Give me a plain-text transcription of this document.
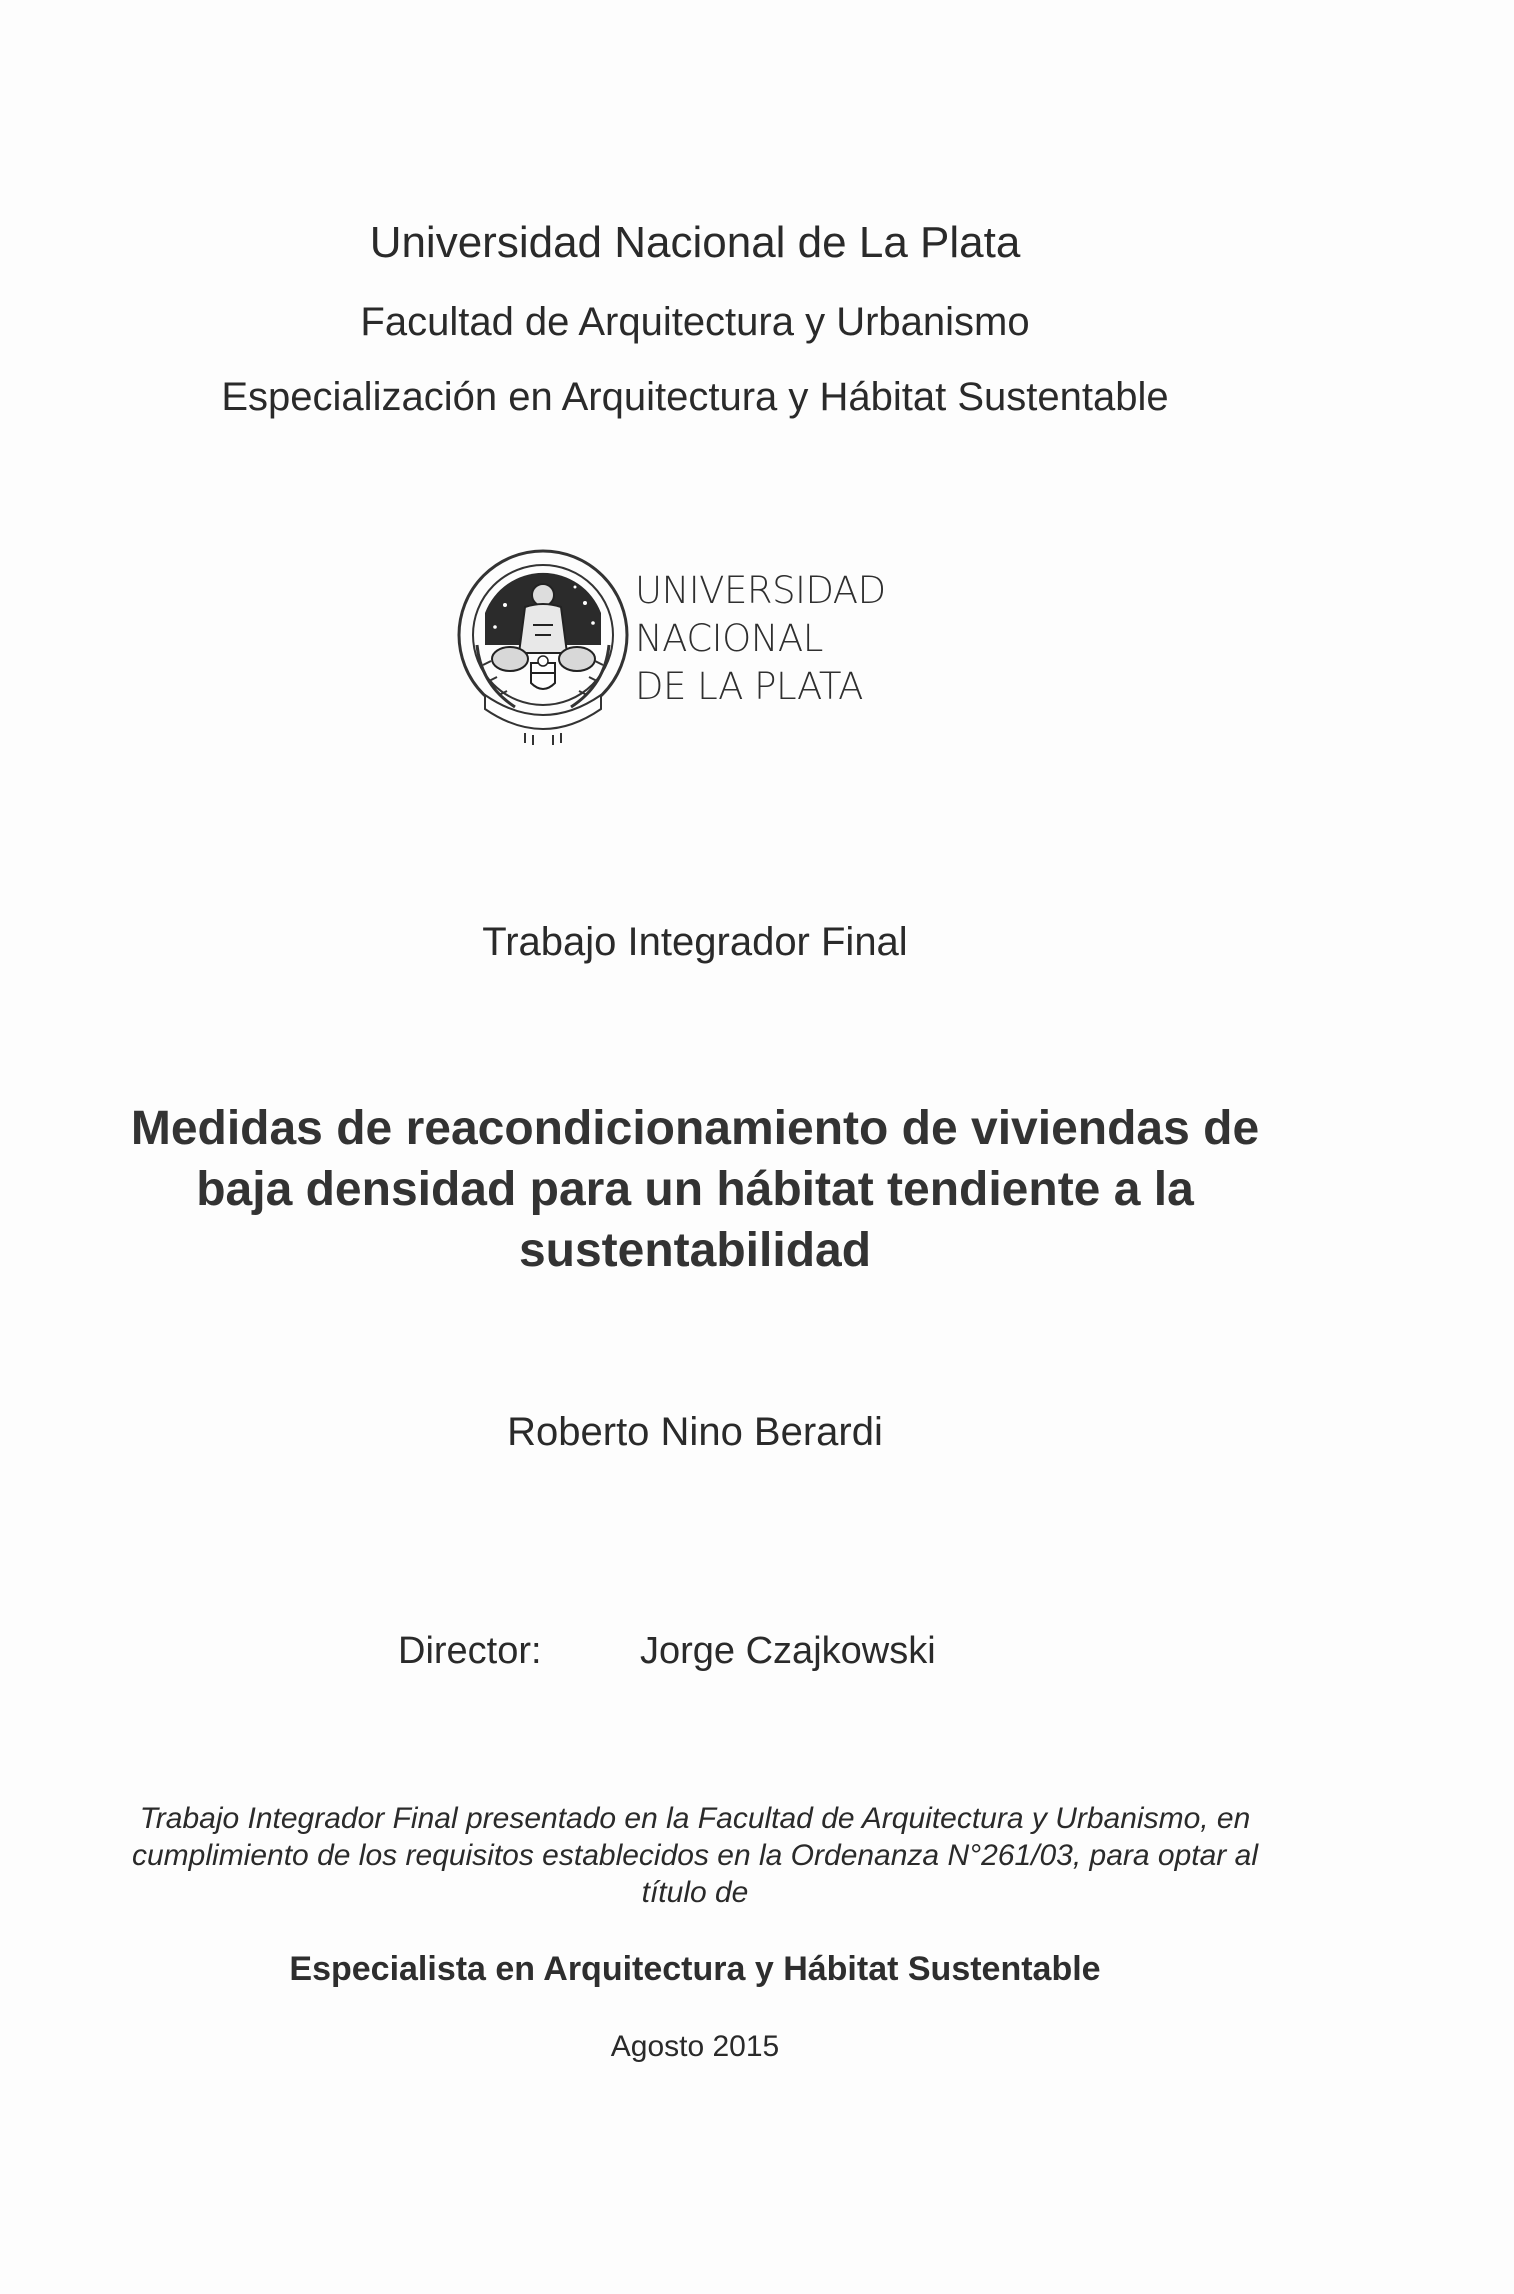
Universidad Nacional de La Plata
Facultad de Arquitectura y Urbanismo
Especialización en Arquitectura y Hábitat Sustentable
UNIVERSIDAD
NACIONAL
DE LA PLATA
Trabajo Integrador Final
Medidas de reacondicionamiento de viviendas de
baja densidad para un hábitat tendiente a la
sustentabilidad
Roberto Nino Berardi
Director:	Jorge Czajkowski
Trabajo Integrador Final presentado en la Facultad de Arquitectura y Urbanismo, en
cumplimiento de los requisitos establecidos en la Ordenanza N°261/03, para optar al
título de
Especialista en Arquitectura y Hábitat Sustentable
Agosto 2015
